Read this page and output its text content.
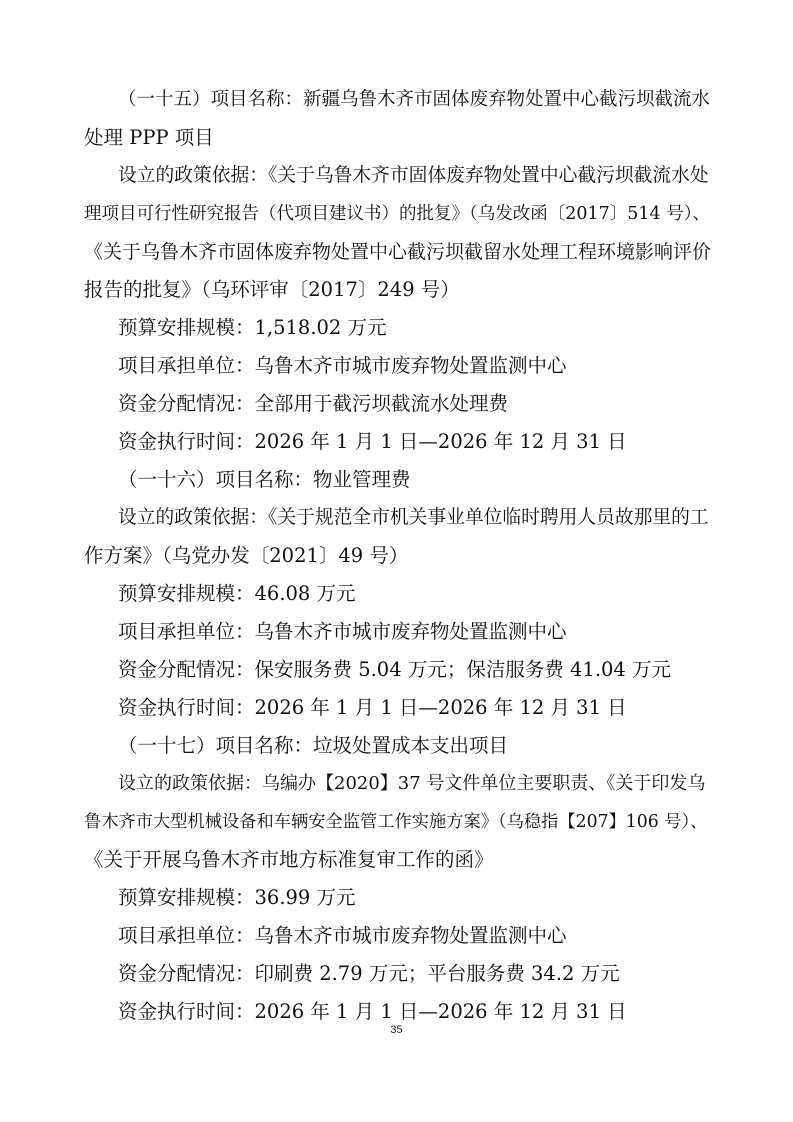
（一十五）项目名称：新疆乌鲁木齐市固体废弃物处置中心截污坝截流水
处理 PPP 项目
设立的政策依据：《关于乌鲁木齐市固体废弃物处置中心截污坝截流水处
理项目可行性研究报告（代项目建议书）的批复》（乌发改函〔2017〕514 号）、
《关于乌鲁木齐市固体废弃物处置中心截污坝截留水处理工程环境影响评价
报告的批复》（乌环评审〔2017〕249 号）
预算安排规模：1,518.02 万元
项目承担单位：乌鲁木齐市城市废弃物处置监测中心
资金分配情况：全部用于截污坝截流水处理费
资金执行时间：2026 年 1 月 1 日—2026 年 12 月 31 日
（一十六）项目名称：物业管理费
设立的政策依据：《关于规范全市机关事业单位临时聘用人员故那里的工
作方案》（乌党办发〔2021〕49 号）
预算安排规模：46.08 万元
项目承担单位：乌鲁木齐市城市废弃物处置监测中心
资金分配情况：保安服务费 5.04 万元；保洁服务费 41.04 万元
资金执行时间：2026 年 1 月 1 日—2026 年 12 月 31 日
（一十七）项目名称：垃圾处置成本支出项目
设立的政策依据：乌编办【2020】37 号文件单位主要职责、《关于印发乌
鲁木齐市大型机械设备和车辆安全监管工作实施方案》（乌稳指【207】106 号）、
《关于开展乌鲁木齐市地方标准复审工作的函》
预算安排规模：36.99 万元
项目承担单位：乌鲁木齐市城市废弃物处置监测中心
资金分配情况：印刷费 2.79 万元；平台服务费 34.2 万元
资金执行时间：2026 年 1 月 1 日—2026 年 12 月 31 日
35
